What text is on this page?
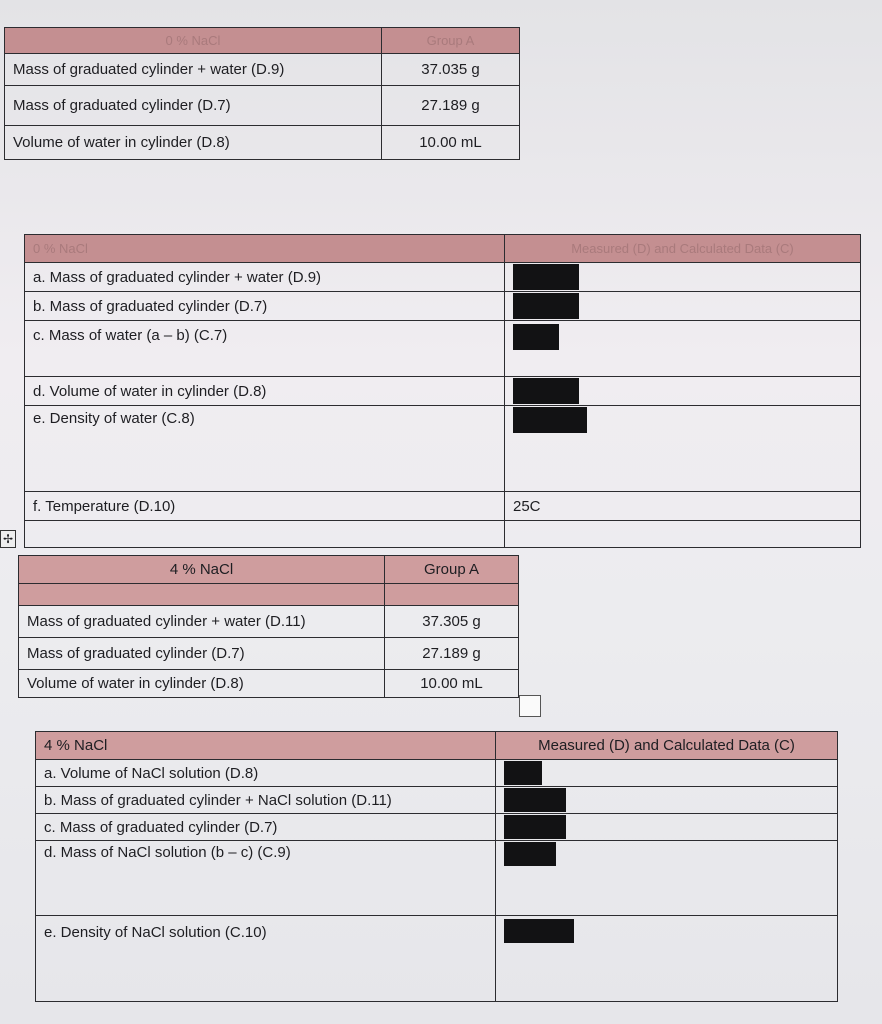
0 % NaCl	Group A
Mass of graduated cylinder + water (D.9)	37.035 g
Mass of graduated cylinder (D.7)	27.189 g
Volume of water in cylinder (D.8)	10.00 mL
0 % NaCl	Measured (D) and Calculated Data (C)
a. Mass of graduated cylinder + water (D.9)	
b. Mass of graduated cylinder (D.7)	
c. Mass of water (a – b) (C.7)	
d. Volume of water in cylinder (D.8)	
e. Density of water (C.8)	
f. Temperature (D.10)	25C

✢
4 % NaCl	Group A

Mass of graduated cylinder + water (D.11)	37.305 g
Mass of graduated cylinder (D.7)	27.189 g
Volume of water in cylinder (D.8)	10.00 mL
4 % NaCl	Measured (D) and Calculated Data (C)
a. Volume of NaCl solution (D.8)	
b. Mass of graduated cylinder + NaCl solution (D.11)	
c. Mass of graduated cylinder (D.7)	
d. Mass of NaCl solution (b – c) (C.9)	
e. Density of NaCl solution (C.10)	
